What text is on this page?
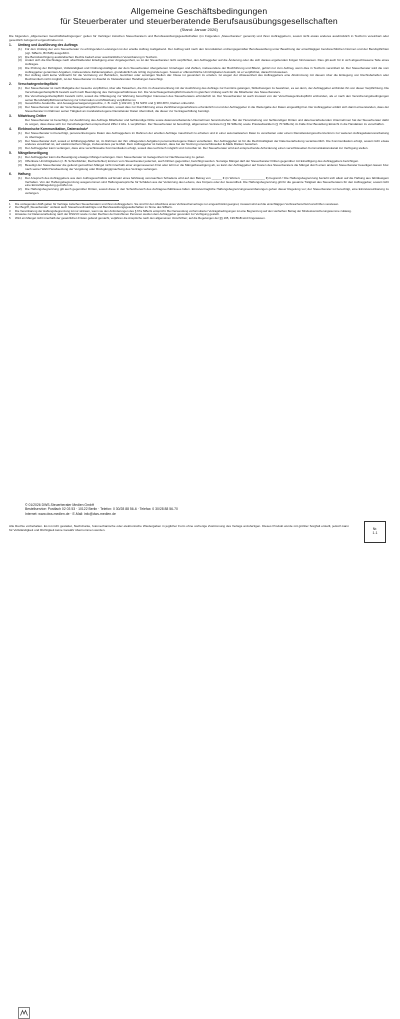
Allgemeine Geschäftsbedingungen
für Steuerberater und steuerberatende Berufsausübungsgesellschaften
(Stand: Januar 2026)
Die folgenden „Allgemeinen Geschäftsbedingungen“ gelten für Verträge¹ zwischen Steuerberatern und Berufsausübungsgesellschaften (im Folgenden „Steuerberater“ genannt) und ihren Auftraggebern, soweit nicht etwas anderes ausdrücklich in Textform vereinbart oder gesetzlich zwingend vorgeschrieben ist.
1.	Umfang und Ausführung des Auftrags
(1)	Für den Umfang der vom Steuerberater zu erbringenden Leistungen ist der erteilte Auftrag maßgebend. Der Auftrag wird nach den Grundsätzen ordnungsgemäßer Berufsausübung unter Beachtung der einschlägigen berufsrechtlichen Normen und der Berufspflichten (vgl. StBerG, BOStB) ausgeführt.
(2)	Die Berücksichtigung ausländischen Rechts bedarf einer ausdrücklichen Vereinbarung in Textform.
(3)	Ändert sich die Rechtslage nach abschließender Erledigung einer Angelegenheit, so ist der Steuerberater nicht verpflichtet, den Auftraggeber auf die Änderung oder die sich daraus ergebenden Folgen hinzuweisen. Dies gilt auch für in sich abgeschlossene Teile eines Auftrages.
(4)	Die Prüfung der Richtigkeit, Vollständigkeit und Ordnungsmäßigkeit der dem Steuerberater übergebenen Unterlagen und Zahlen, insbesondere der Buchführung und Bilanz, gehört nur zum Auftrag, wenn dies in Textform vereinbart ist. Der Steuerberater wird die vom Auftraggeber genannten Angaben, insbesondere Zahlenangaben, grundsätzlich als richtig zugrunde legen. Soweit er offensichtliche Unrichtigkeiten feststellt, ist er verpflichtet, darauf hinzuweisen.
(5)	Der Auftrag stellt keine Vollmacht für die Vertretung vor Behörden, Gerichten oder sonstigen Stellen dar. Diese ist gesondert zu erteilen. Ist wegen der Abwesenheit des Auftraggebers eine Abstimmung mit diesem über die Einlegung von Rechtsbehelfen oder Rechtsmitteln nicht möglich, ist der Steuerberater im Zweifel zu fristwahrenden Handlungen berechtigt.
2.	Verschwiegenheitspflicht
(1)	Der Steuerberater ist nach Maßgabe der Gesetze verpflichtet, über alle Tatsachen, die ihm im Zusammenhang mit der Ausführung des Auftrags zur Kenntnis gelangen, Stillschweigen zu bewahren, es sei denn, der Auftraggeber entbindet ihn von dieser Verpflichtung. Die Verschwiegenheitspflicht besteht auch nach Beendigung des Vertragsverhältnisses fort. Die Verschwiegenheitspflicht besteht im gleichen Umfang auch für die Mitarbeiter des Steuerberaters.
(2)	Die Verschwiegenheitspflicht besteht nicht, soweit die Offenlegung zur Wahrung berechtigter Interessen des Steuerberaters erforderlich ist. Der Steuerberater ist auch insoweit von der Verschwiegenheitspflicht entbunden, als er nach den Versicherungsbedingungen seiner Berufshaftpflichtversicherung zur Information und Mitwirkung verpflichtet ist.
(3)	Gesetzliche Auskunfts- und Aussageverweigerungsrechte, z. B. nach § 102 AO, § 53 StPO und § 383 ZPO, bleiben unberührt.
(4)	Der Steuerberater ist von der Verschwiegenheitspflicht entbunden, soweit dies zur Durchführung eines Zertifizierungsverfahrens erforderlich ist und der Auftraggeber in die Weitergabe der Daten eingewilligt hat. Der Auftraggeber erklärt sich damit einverstanden, dass der Steuerberater im Rahmen seiner Tätigkeit an mandatsbezogene Dienstleister Daten übermittelt, die dieser zur Vertragserfüllung benötigt.
3.	Mitwirkung Dritter
Der Steuerberater ist berechtigt, zur Ausführung des Auftrags Mitarbeiter und fachkundige Dritte sowie datenverarbeitende Unternehmen heranzuziehen. Bei der Heranziehung von fachkundigen Dritten und datenverarbeitenden Unternehmen hat der Steuerberater dafür zu sorgen, dass diese sich zur Verschwiegenheit entsprechend Ziffer 2 Abs. 1 verpflichten. Der Steuerberater ist berechtigt, allgemeinen Vertretern (§ 69 StBerG) sowie Praxisabwicklern (§ 70 StBerG) im Falle ihrer Bestellung Einsicht in die Handakten zu verschaffen.
4.	Elektronische Kommunikation, Datenschutz²
(1)	Der Steuerberater ist berechtigt, personenbezogene Daten des Auftraggebers im Rahmen der erteilten Aufträge maschinell zu erheben und in einer automatisierten Datei zu verarbeiten oder einem Dienstleistungsrechenzentrum zur weiteren Auftragsdatenverarbeitung zu übertragen.
(2)	Der Steuerberater darf, soweit er Erfüllungsgehilfen ist, im Rahmen der ihm obliegenden Aufgaben personenbezogene Daten verarbeiten. Der Auftraggeber ist für die Rechtmäßigkeit der Datenverarbeitung verantwortlich. Die Kommunikation erfolgt, soweit nicht etwas anderes vereinbart ist, auf elektronischem Wege, insbesondere per E-Mail. Dem Auftraggeber ist bekannt, dass bei der Nutzung unverschlüsselter E-Mails Risiken bestehen.
(3)	Der Auftraggeber kann verlangen, dass eine verschlüsselte Kommunikation erfolgt, soweit dies technisch möglich und zumutbar ist. Der Steuerberater wird auf entsprechende Anforderung einen verschlüsselten Kommunikationskanal zur Verfügung stellen.
5.	Mängelbeseitigung
(1)	Der Auftraggeber kann die Beseitigung etwaiger Mängel verlangen. Dem Steuerberater ist Gelegenheit zur Nachbesserung zu geben.
(2)	Offenbare Unrichtigkeiten (z. B. Schreibfehler, Rechenfehler) können vom Steuerberater jederzeit, auch Dritten gegenüber, berichtigt werden. Sonstige Mängel darf der Steuerberater Dritten gegenüber mit Einwilligung des Auftraggebers berichtigen.
(3)	Beseitigt der Steuerberater die geltend gemachten Mängel nicht innerhalb einer angemessenen Frist oder lehnt er die Mängelbeseitigung ab, so kann der Auftraggeber auf Kosten des Steuerberaters die Mängel durch einen anderen Steuerberater beseitigen lassen bzw. nach seiner Wahl Herabsetzung der Vergütung oder Rückgängigmachung des Vertrags verlangen.
6.	Haftung
(1)	Der Anspruch des Auftraggebers aus dem Auftragsverhältnis auf Ersatz eines fahrlässig verursachten Schadens wird auf den Betrag von ______ € (in Worten: ______________ €) begrenzt.³ Die Haftungsbegrenzung bezieht sich allein auf die Haftung aus fahrlässigem Verhalten. Von der Haftungsbegrenzung ausgenommen sind Haftungsansprüche für Schäden aus der Verletzung des Lebens, des Körpers oder der Gesundheit. Die Haftungsbegrenzung gilt für die gesamte Tätigkeit des Steuerberaters für den Auftraggeber, soweit nicht eine Einzelfallregelung getroffen ist.
(2)	Die Haftungsbegrenzung gilt auch gegenüber Dritten, soweit diese in den Schutzbereich des Auftragsverhältnisses fallen. Einzelvertragliche Haftungsbegrenzungsvereinbarungen gehen dieser Regelung vor; der Steuerberater ist berechtigt, eine Einzelvereinbarung zu verlangen.
1	Die vorliegenden AGB gelten für Verträge zwischen Steuerberatern und ihren Auftraggebern. Sie sind für den Abschluss eines Verbrauchervertrags nur eingeschränkt geeignet; insoweit wird auf die einschlägigen Verbraucherschutzvorschriften verwiesen.
2	Der Begriff „Steuerberater“ umfasst auch Steuerbevollmächtigte und Berufsausübungsgesellschaften im Sinne des StBerG.
3	Die Vereinbarung der Haftungsbegrenzung ist nur wirksam, wenn sie den Anforderungen des § 67a StBerG entspricht. Bei Verwendung vorformulierter Vertragsbedingungen ist eine Begrenzung auf den vierfachen Betrag der Mindestversicherungssumme zulässig.
4	Hinweise zur Datenverarbeitung nach der DSGVO sowie zu den Rechten der betroffenen Personen werden dem Auftraggeber gesondert zur Verfügung gestellt.
5	Wird ein Mangel nicht innerhalb der gesetzlichen Fristen geltend gemacht, verjähren die Ansprüche nach den allgemeinen Vorschriften; auf die Regelungen der §§ 195, 199 BGB wird hingewiesen.
© 01/2026 DWS-Steuerberater Medien GmbH
Bestellservice: Postfach 02 03 53 · 10122 Berlin · Telefon: 0 30/28 88 56-6 · Telefax: 0 30/28 88 56-70
Internet: www.dws-medien.de · E-Mail: info@dws-medien.de
Alle Rechte vorbehalten. Es ist nicht gestattet, Nachdrucke, fotomechanische oder elektronische Wiedergaben in jeglicher Form ohne vorherige Zustimmung des Verlags anzufertigen. Dieses Produkt wurde mit größter Sorgfalt erstellt, jedoch kann für Vollständigkeit und Richtigkeit keine Gewähr übernommen werden.	Nr.
1.1
